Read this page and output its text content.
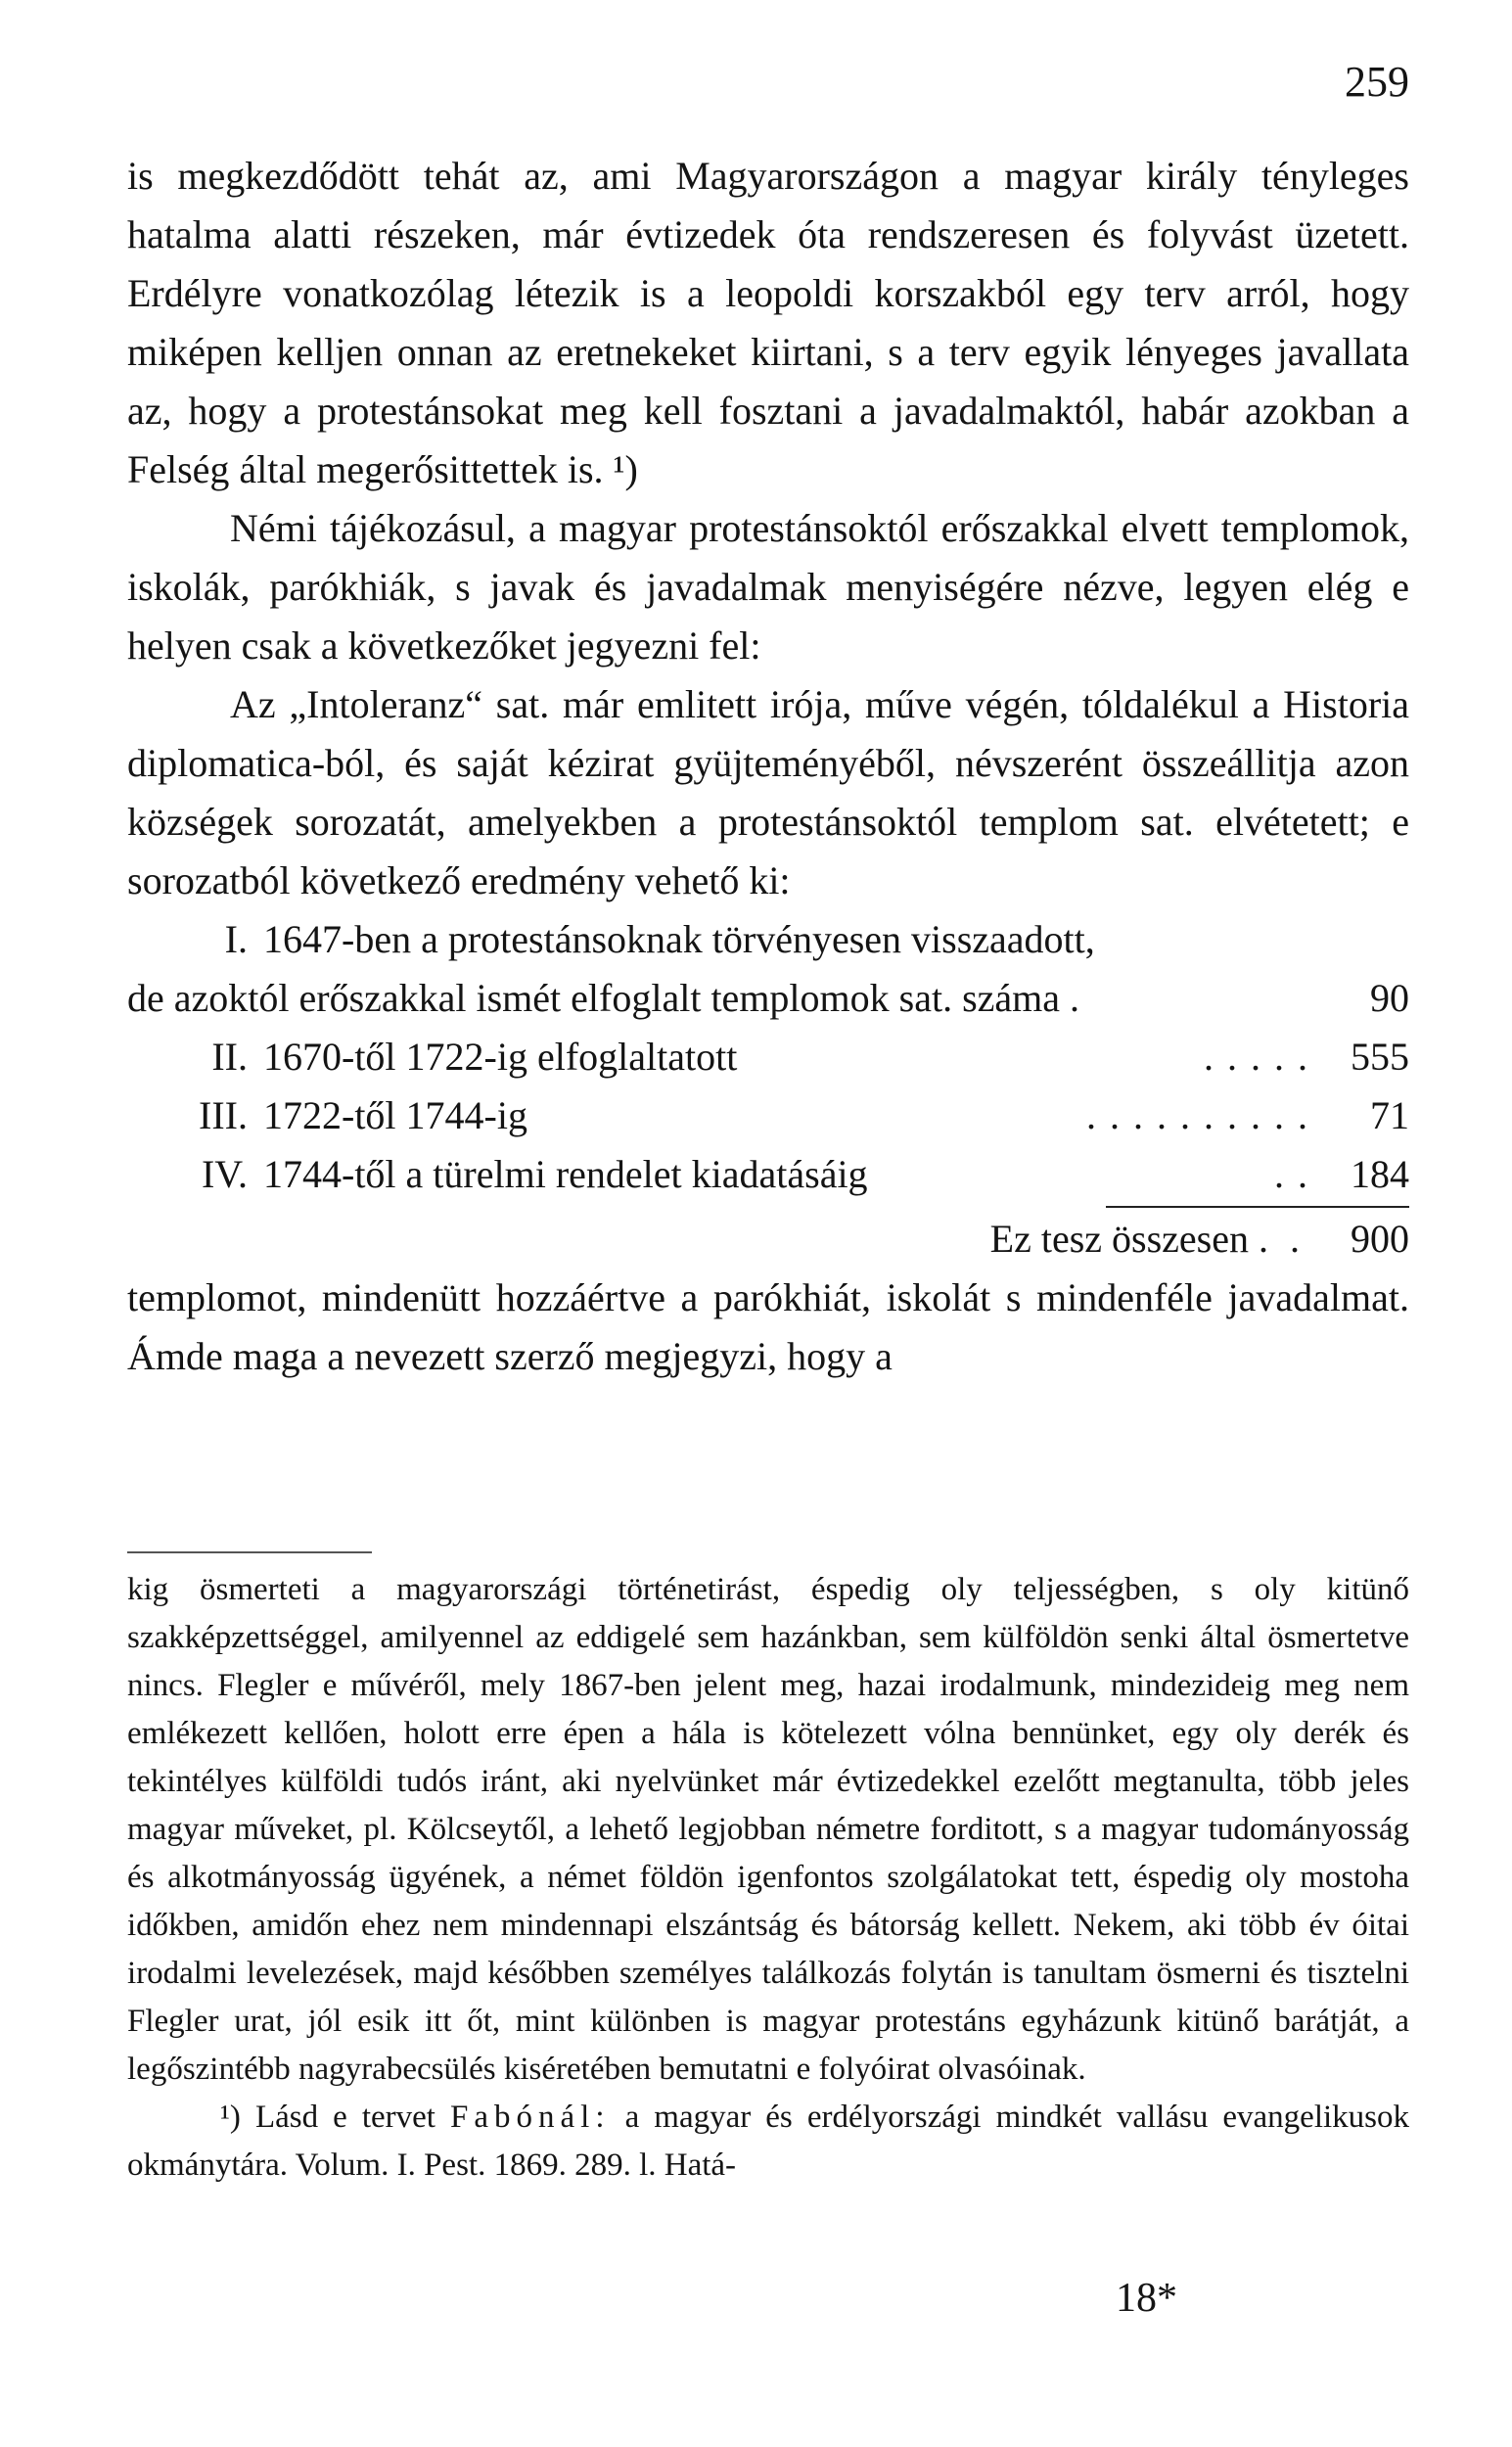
259

is megkezdődött tehát az, ami Magyarországon a magyar király tényleges hatalma alatti részeken, már évtizedek óta rendszeresen és folyvást üzetett. Erdélyre vonatkozólag létezik is a leopoldi korszakból egy terv arról, hogy miképen kelljen onnan az eretnekeket kiirtani, s a terv egyik lényeges javallata az, hogy a protestánsokat meg kell fosztani a javadalmaktól, habár azokban a Felség által megerősittettek is. ¹)

Némi tájékozásul, a magyar protestánsoktól erőszakkal elvett templomok, iskolák, parókhiák, s javak és javadalmak menyiségére nézve, legyen elég e helyen csak a következőket jegyezni fel:

Az „Intoleranz“ sat. már emlitett irója, műve végén, tóldalékul a Historia diplomatica-ból, és saját kézirat gyüjteményéből, névszerént összeállitja azon községek sorozatát, amelyekben a protestánsoktól templom sat. elvétetett; e sorozatból következő eredmény vehető ki:

I. 1647-ben a protestánsoknak törvényesen visszaadott,
de azoktól erőszakkal ismét elfoglalt templomok sat. száma .	90
II. 1670-től 1722-ig elfoglaltatott	..... 555
III. 1722-től 1744-ig	..........	71
IV. 1744-től a türelmi rendelet kiadatásáig	.. 184
Ez tesz összesen .. 900

templomot, mindenütt hozzáértve a parókhiát, iskolát s mindenféle javadalmat. Ámde maga a nevezett szerző megjegyzi, hogy a

kig ösmerteti a magyarországi történetirást, éspedig oly teljességben, s oly kitünő szakképzettséggel, amilyennel az eddigelé sem hazánkban, sem külföldön senki által ösmertetve nincs. Flegler e művéről, mely 1867-ben jelent meg, hazai irodalmunk, mindezideig meg nem emlékezett kellően, holott erre épen a hála is kötelezett vólna bennünket, egy oly derék és tekintélyes külföldi tudós iránt, aki nyelvünket már évtizedekkel ezelőtt megtanulta, több jeles magyar műveket, pl. Kölcseytől, a lehető legjobban németre forditott, s a magyar tudományosság és alkotmányosság ügyének, a német földön igenfontos szolgálatokat tett, éspedig oly mostoha időkben, amidőn ehez nem mindennapi elszántság és bátorság kellett. Nekem, aki több év óitai irodalmi levelezések, majd későbben személyes találkozás folytán is tanultam ösmerni és tisztelni Flegler urat, jól esik itt őt, mint különben is magyar protestáns egyházunk kitünő barátját, a legőszintébb nagyrabecsülés kiséretében bemutatni e folyóirat olvasóinak.

¹) Lásd e tervet Fabónál: a magyar és erdélyországi mindkét vallásu evangelikusok okmánytára. Volum. I. Pest. 1869. 289. l. Hatá-

18*
